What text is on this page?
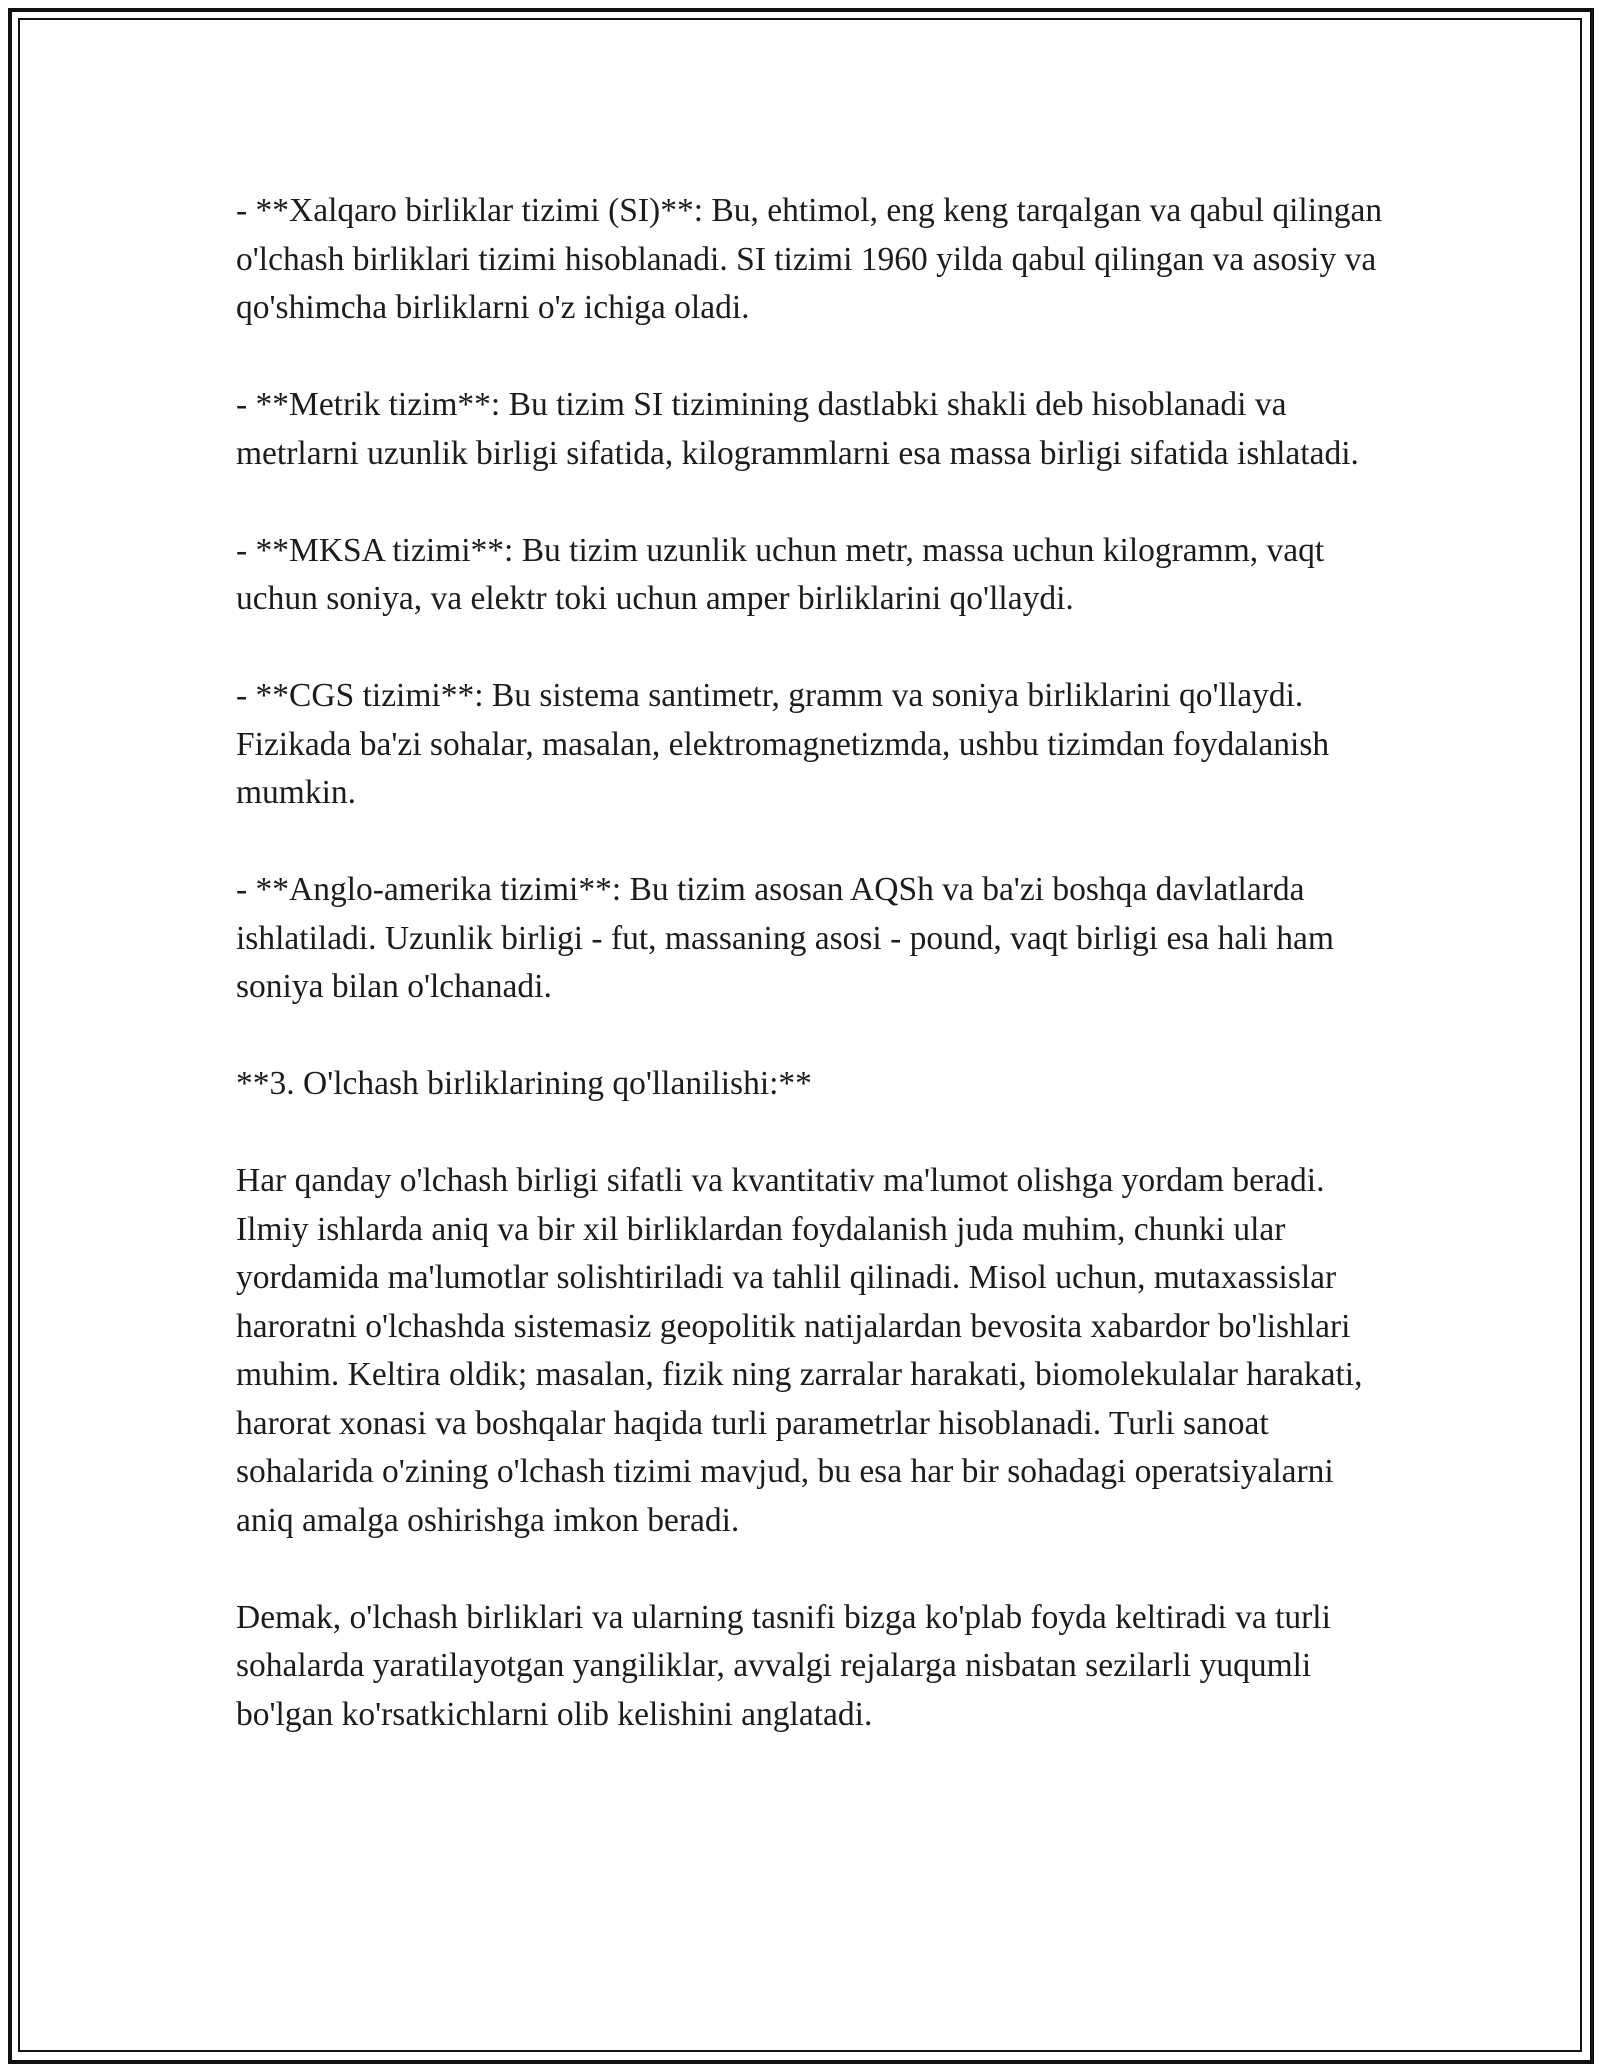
- **Xalqaro birliklar tizimi (SI)**: Bu, ehtimol, eng keng tarqalgan va qabul qilingan o'lchash birliklari tizimi hisoblanadi. SI tizimi 1960 yilda qabul qilingan va asosiy va qo'shimcha birliklarni o'z ichiga oladi.

- **Metrik tizim**: Bu tizim SI tizimining dastlabki shakli deb hisoblanadi va metrlarni uzunlik birligi sifatida, kilogrammlarni esa massa birligi sifatida ishlatadi.

- **MKSA tizimi**: Bu tizim uzunlik uchun metr, massa uchun kilogramm, vaqt uchun soniya, va elektr toki uchun amper birliklarini qo'llaydi.

- **CGS tizimi**: Bu sistema santimetr, gramm va soniya birliklarini qo'llaydi. Fizikada ba'zi sohalar, masalan, elektromagnetizmda, ushbu tizimdan foydalanish mumkin.

- **Anglo-amerika tizimi**: Bu tizim asosan AQSh va ba'zi boshqa davlatlarda ishlatiladi. Uzunlik birligi - fut, massaning asosi - pound, vaqt birligi esa hali ham soniya bilan o'lchanadi.

**3. O'lchash birliklarining qo'llanilishi:**

Har qanday o'lchash birligi sifatli va kvantitativ ma'lumot olishga yordam beradi. Ilmiy ishlarda aniq va bir xil birliklardan foydalanish juda muhim, chunki ular yordamida ma'lumotlar solishtiriladi va tahlil qilinadi. Misol uchun, mutaxassislar haroratni o'lchashda sistemasiz geopolitik natijalardan bevosita xabardor bo'lishlari muhim. Keltira oldik; masalan, fizik ning zarralar harakati, biomolekulalar harakati, harorat xonasi va boshqalar haqida turli parametrlar hisoblanadi. Turli sanoat sohalarida o'zining o'lchash tizimi mavjud, bu esa har bir sohadagi operatsiyalarni aniq amalga oshirishga imkon beradi.

Demak, o'lchash birliklari va ularning tasnifi bizga ko'plab foyda keltiradi va turli sohalarda yaratilayotgan yangiliklar, avvalgi rejalarga nisbatan sezilarli yuqumli bo'lgan ko'rsatkichlarni olib kelishini anglatadi.
